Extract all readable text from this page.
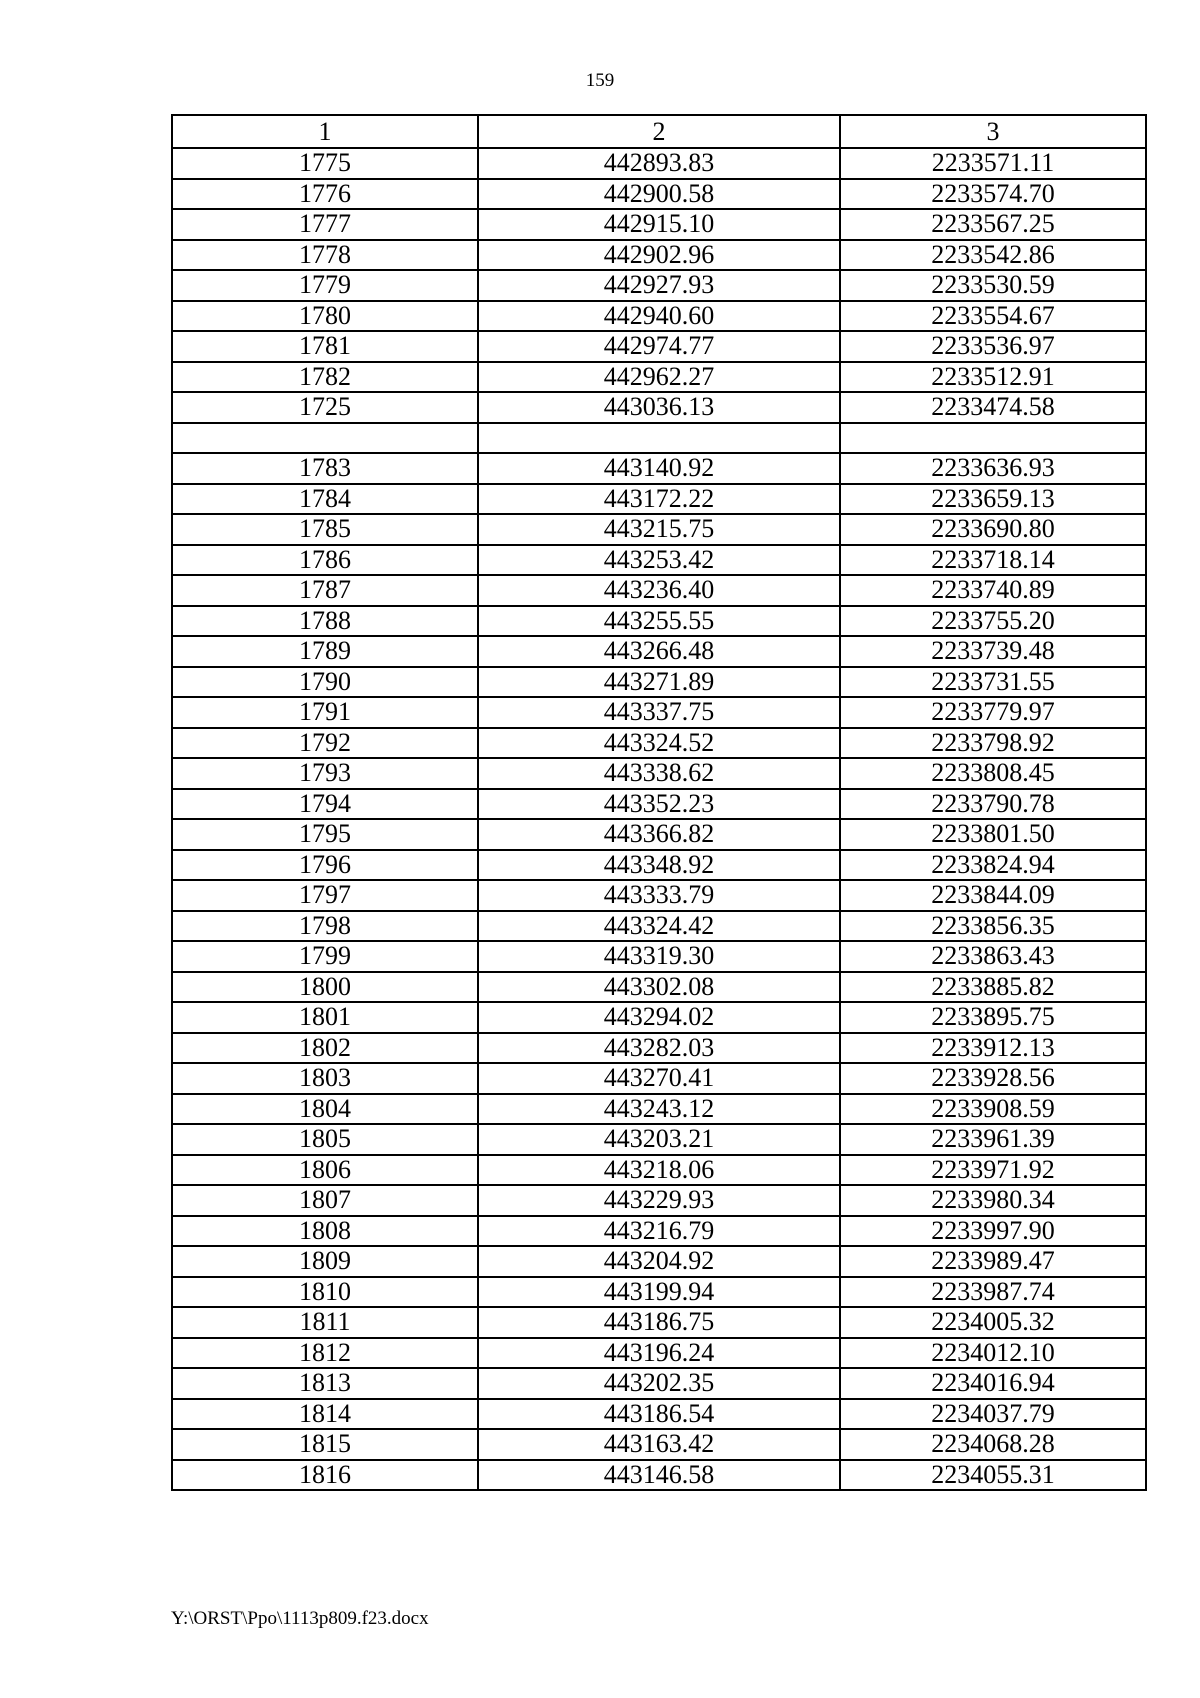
159
1	2	3
1775	442893.83	2233571.11
1776	442900.58	2233574.70
1777	442915.10	2233567.25
1778	442902.96	2233542.86
1779	442927.93	2233530.59
1780	442940.60	2233554.67
1781	442974.77	2233536.97
1782	442962.27	2233512.91
1725	443036.13	2233474.58

1783	443140.92	2233636.93
1784	443172.22	2233659.13
1785	443215.75	2233690.80
1786	443253.42	2233718.14
1787	443236.40	2233740.89
1788	443255.55	2233755.20
1789	443266.48	2233739.48
1790	443271.89	2233731.55
1791	443337.75	2233779.97
1792	443324.52	2233798.92
1793	443338.62	2233808.45
1794	443352.23	2233790.78
1795	443366.82	2233801.50
1796	443348.92	2233824.94
1797	443333.79	2233844.09
1798	443324.42	2233856.35
1799	443319.30	2233863.43
1800	443302.08	2233885.82
1801	443294.02	2233895.75
1802	443282.03	2233912.13
1803	443270.41	2233928.56
1804	443243.12	2233908.59
1805	443203.21	2233961.39
1806	443218.06	2233971.92
1807	443229.93	2233980.34
1808	443216.79	2233997.90
1809	443204.92	2233989.47
1810	443199.94	2233987.74
1811	443186.75	2234005.32
1812	443196.24	2234012.10
1813	443202.35	2234016.94
1814	443186.54	2234037.79
1815	443163.42	2234068.28
1816	443146.58	2234055.31
Y:\ORST\Ppo\1113p809.f23.docx
